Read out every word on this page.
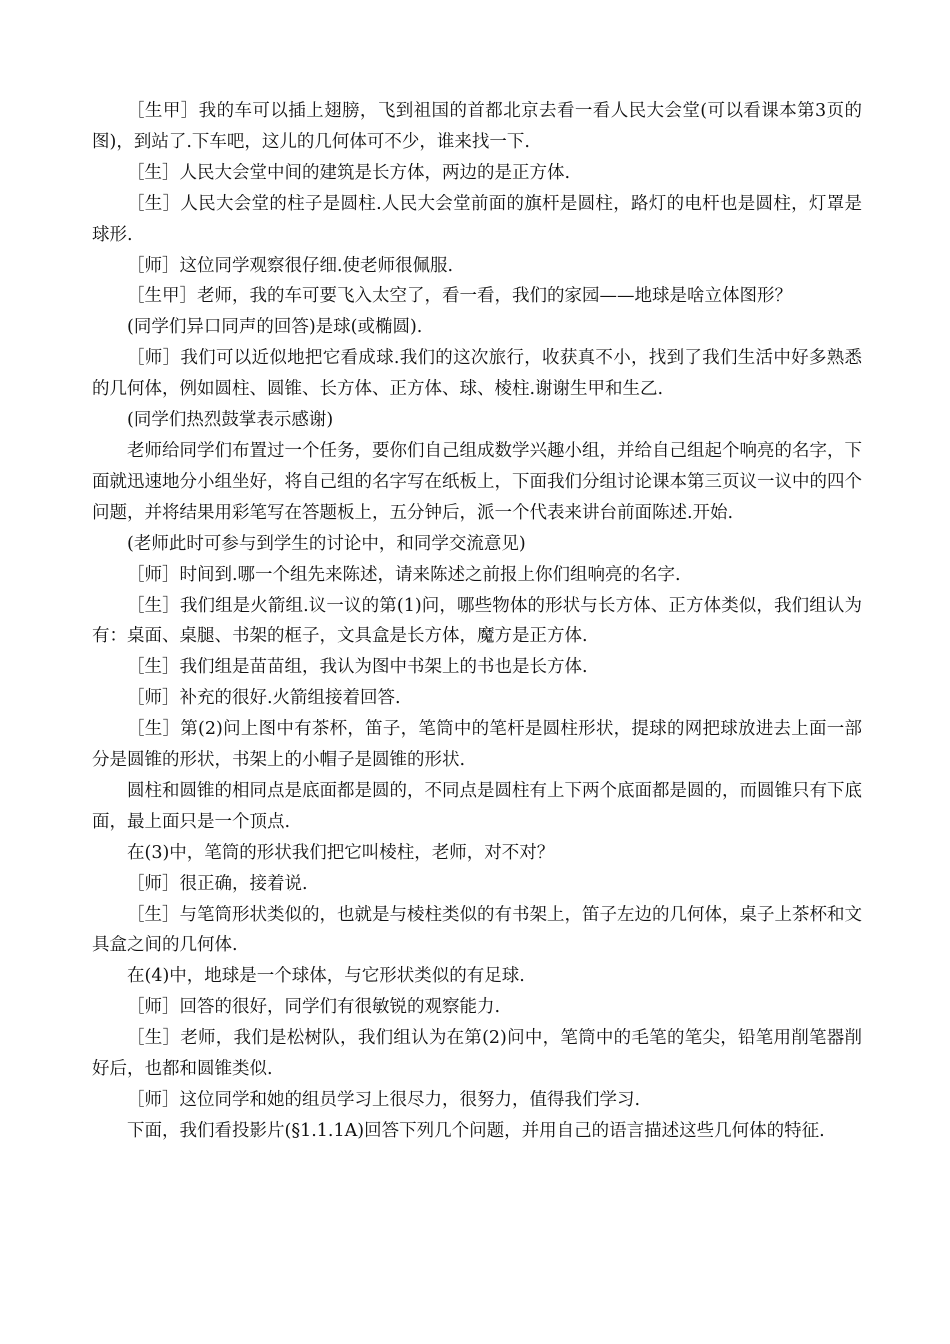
［生甲］我的车可以插上翅膀，飞到祖国的首都北京去看一看人民大会堂(可以看课本第3页的图)，到站了.下车吧，这儿的几何体可不少，谁来找一下.

［生］人民大会堂中间的建筑是长方体，两边的是正方体.

［生］人民大会堂的柱子是圆柱.人民大会堂前面的旗杆是圆柱，路灯的电杆也是圆柱，灯罩是球形.

［师］这位同学观察很仔细.使老师很佩服.

［生甲］老师，我的车可要飞入太空了，看一看，我们的家园——地球是啥立体图形？

(同学们异口同声的回答)是球(或椭圆).

［师］我们可以近似地把它看成球.我们的这次旅行，收获真不小，找到了我们生活中好多熟悉的几何体，例如圆柱、圆锥、长方体、正方体、球、棱柱.谢谢生甲和生乙.

(同学们热烈鼓掌表示感谢)

老师给同学们布置过一个任务，要你们自己组成数学兴趣小组，并给自己组起个响亮的名字，下面就迅速地分小组坐好，将自己组的名字写在纸板上，下面我们分组讨论课本第三页议一议中的四个问题，并将结果用彩笔写在答题板上，五分钟后，派一个代表来讲台前面陈述.开始.

(老师此时可参与到学生的讨论中，和同学交流意见)

［师］时间到.哪一个组先来陈述，请来陈述之前报上你们组响亮的名字.

［生］我们组是火箭组.议一议的第(1)问，哪些物体的形状与长方体、正方体类似，我们组认为有：桌面、桌腿、书架的框子，文具盒是长方体，魔方是正方体.

［生］我们组是苗苗组，我认为图中书架上的书也是长方体.

［师］补充的很好.火箭组接着回答.

［生］第(2)问上图中有茶杯，笛子，笔筒中的笔杆是圆柱形状，提球的网把球放进去上面一部分是圆锥的形状，书架上的小帽子是圆锥的形状.

圆柱和圆锥的相同点是底面都是圆的，不同点是圆柱有上下两个底面都是圆的，而圆锥只有下底面，最上面只是一个顶点.

在(3)中，笔筒的形状我们把它叫棱柱，老师，对不对？

［师］很正确，接着说.

［生］与笔筒形状类似的，也就是与棱柱类似的有书架上，笛子左边的几何体，桌子上茶杯和文具盒之间的几何体.

在(4)中，地球是一个球体，与它形状类似的有足球.

［师］回答的很好，同学们有很敏锐的观察能力.

［生］老师，我们是松树队，我们组认为在第(2)问中，笔筒中的毛笔的笔尖，铅笔用削笔器削好后，也都和圆锥类似.

［师］这位同学和她的组员学习上很尽力，很努力，值得我们学习.

下面，我们看投影片(§1.1.1A)回答下列几个问题，并用自己的语言描述这些几何体的特征.
